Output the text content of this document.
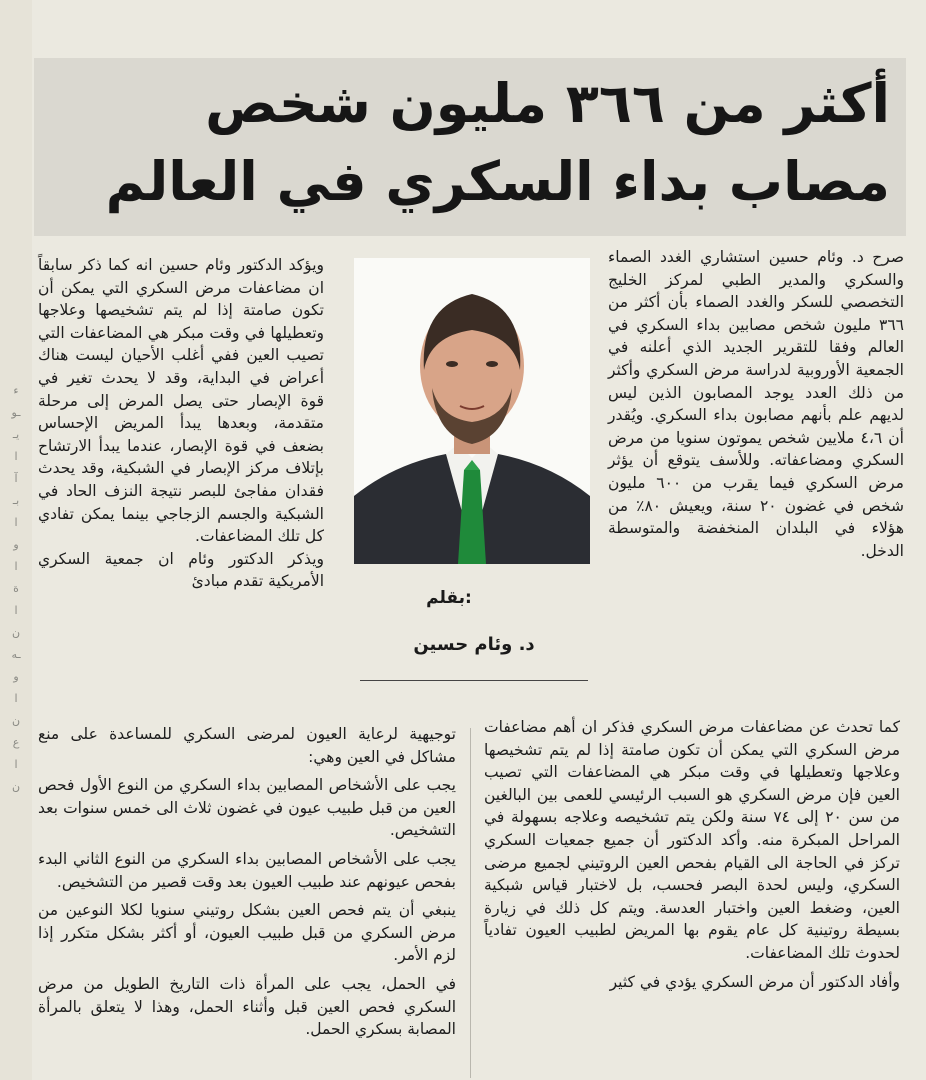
ء
ـو
يـ
ا
آ
بـ
ا
و
ا
ة
ا
ن
ـه
و
ا
ن
ع
ا
ن
أكثر من ٣٦٦ مليون شخص
مصاب بداء السكري في العالم

صرح د. وئام حسين استشاري الغدد الصماء والسكري والمدير الطبي لمركز الخليج التخصصي للسكر والغدد الصماء بأن أكثر من ٣٦٦ مليون شخص مصابين بداء السكري في العالم وفقا للتقرير الجديد الذي أعلنه في الجمعية الأوروبية لدراسة مرض السكري وأكثر من ذلك العدد يوجد المصابون الذين ليس لديهم علم بأنهم مصابون بداء السكري. ويُقدر أن ٤،٦ ملايين شخص يموتون سنويا من مرض السكري ومضاعفاته. وللأسف يتوقع أن يؤثر مرض السكري فيما يقرب من ٦٠٠ مليون شخص في غضون ٢٠ سنة، ويعيش ٨٠٪ من هؤلاء في البلدان المنخفضة والمتوسطة الدخل.

بقلم:
د. وئام حسين

ويؤكد الدكتور وئام حسين انه كما ذكر سابقاً ان مضاعفات مرض السكري التي يمكن أن تكون صامتة إذا لم يتم تشخيصها وعلاجها وتعطيلها في وقت مبكر هي المضاعفات التي تصيب العين ففي أغلب الأحيان ليست هناك أعراض في البداية، وقد لا يحدث تغير في قوة الإبصار حتى يصل المرض إلى مرحلة متقدمة، وبعدها يبدأ المريض الإحساس بضعف في قوة الإبصار، عندما يبدأ الارتشاح بإتلاف مركز الإبصار في الشبكية، وقد يحدث فقدان مفاجئ للبصر نتيجة النزف الحاد في الشبكية والجسم الزجاجي بينما يمكن تفادي كل تلك المضاعفات.

ويذكر الدكتور وئام ان جمعية السكري الأمريكية تقدم مبادئ

كما تحدث عن مضاعفات مرض السكري فذكر ان أهم مضاعفات مرض السكري التي يمكن أن تكون صامتة إذا لم يتم تشخيصها وعلاجها وتعطيلها في وقت مبكر هي المضاعفات التي تصيب العين فإن مرض السكري هو السبب الرئيسي للعمى بين البالغين من سن ٢٠ إلى ٧٤ سنة ولكن يتم تشخيصه وعلاجه بسهولة في المراحل المبكرة منه. وأكد الدكتور أن جميع جمعيات السكري تركز في الحاجة الى القيام بفحص العين الروتيني لجميع مرضى السكري، وليس لحدة البصر فحسب، بل لاختبار قياس شبكية العين، وضغط العين واختبار العدسة. ويتم كل ذلك في زيارة بسيطة روتينية كل عام يقوم بها المريض لطبيب العيون تفادياً لحدوث تلك المضاعفات.

وأفاد الدكتور أن مرض السكري يؤدي في كثير

توجيهية لرعاية العيون لمرضى السكري للمساعدة على منع مشاكل في العين وهي:

يجب على الأشخاص المصابين بداء السكري من النوع الأول فحص العين من قبل طبيب عيون في غضون ثلاث الى خمس سنوات بعد التشخيص.

يجب على الأشخاص المصابين بداء السكري من النوع الثاني البدء بفحص عيونهم عند طبيب العيون بعد وقت قصير من التشخيص.

ينبغي أن يتم فحص العين بشكل روتيني سنويا لكلا النوعين من مرض السكري من قبل طبيب العيون، أو أكثر بشكل متكرر إذا لزم الأمر.

في الحمل، يجب على المرأة ذات التاريخ الطويل من مرض السكري فحص العين قبل وأثناء الحمل، وهذا لا يتعلق بالمرأة المصابة بسكري الحمل.
